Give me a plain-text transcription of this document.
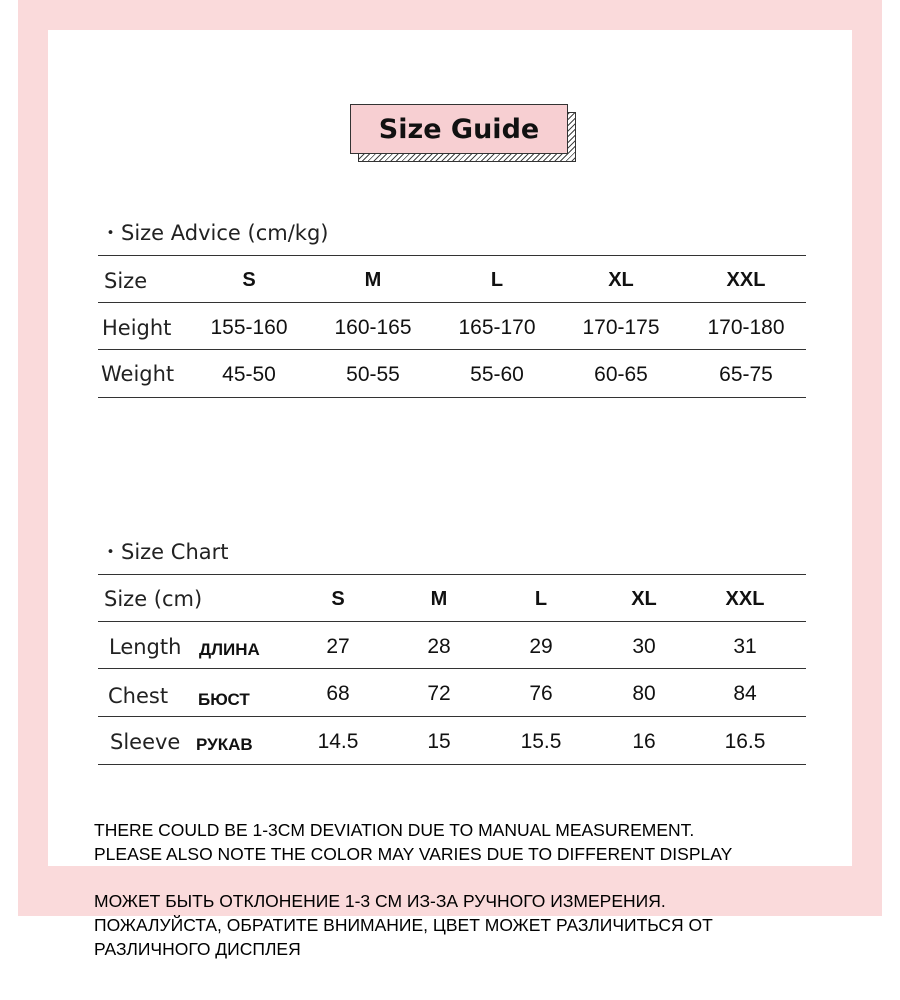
Size Guide
・Size Advice (cm/kg)
Size	S	M	L	XL	XXL
Height 155-160 160-165 165-170 170-175 170-180
Weight 45-50	50-55	55-60	60-65	65-75
・Size Chart
Size (cm)	S	M	L	XL	XXL
Length ДЛИНА	27	28	29	30	31
Chest БЮСТ	68	72	76	80	84
Sleeve РУКАВ	14.5	15	15.5	16	16.5
THERE COULD BE 1-3CM DEVIATION DUE TO MANUAL MEASUREMENT.
PLEASE ALSO NOTE THE COLOR MAY VARIES DUE TO DIFFERENT DISPLAY
МОЖЕТ БЫТЬ ОТКЛОНЕНИЕ 1-3 СМ ИЗ-ЗА РУЧНОГО ИЗМЕРЕНИЯ.
ПОЖАЛУЙСТА, ОБРАТИТЕ ВНИМАНИЕ, ЦВЕТ МОЖЕТ РАЗЛИЧИТЬСЯ ОТ
РАЗЛИЧНОГО ДИСПЛЕЯ
